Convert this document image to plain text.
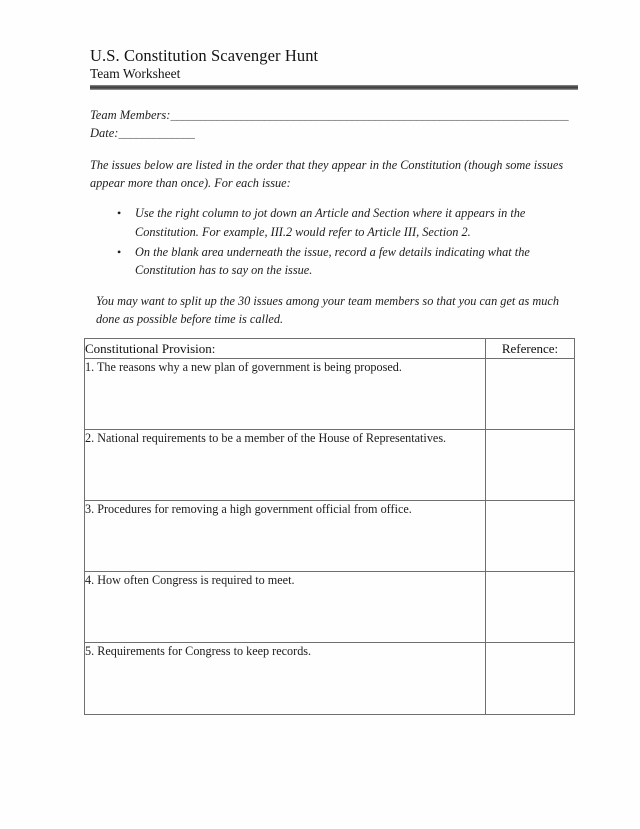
U.S. Constitution Scavenger Hunt
Team Worksheet
Team Members:____________________________________________________________________
Date:_____________

The issues below are listed in the order that they appear in the Constitution (though some issues appear more than once). For each issue:

• Use the right column to jot down an Article and Section where it appears in the Constitution. For example, III.2 would refer to Article III, Section 2.
• On the blank area underneath the issue, record a few details indicating what the Constitution has to say on the issue.

You may want to split up the 30 issues among your team members so that you can get as much done as possible before time is called.

Constitutional Provision:	Reference:
1. The reasons why a new plan of government is being proposed.	
2. National requirements to be a member of the House of Representatives.	
3. Procedures for removing a high government official from office.	
4. How often Congress is required to meet.	
5. Requirements for Congress to keep records.	
